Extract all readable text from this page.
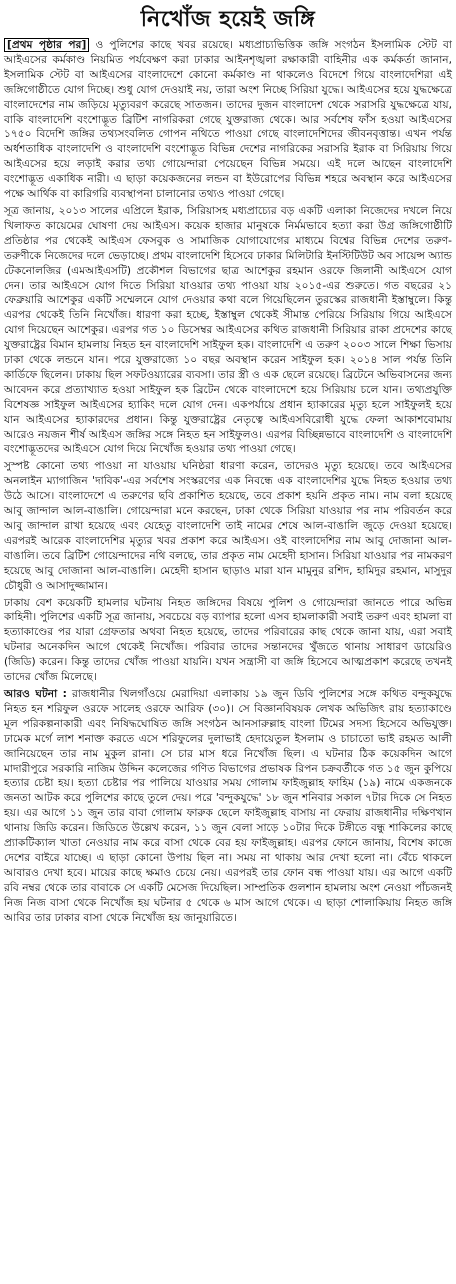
নিখোঁজ হয়েই জঙ্গি

[প্রথম পৃষ্ঠার পর] ও পুলিশের কাছে খবর রয়েছে। মধ্যপ্রাচ্যভিত্তিক জঙ্গি সংগঠন ইসলামিক স্টেট বা আইএসের কর্মকাণ্ড নিয়মিত পর্যবেক্ষণ করা ঢাকার আইনশৃঙ্খলা রক্ষাকারী বাহিনীর এক কর্মকর্তা জানান, ইসলামিক স্টেট বা আইএসের বাংলাদেশে কোনো কর্মকাণ্ড না থাকলেও বিদেশে গিয়ে বাংলাদেশিরা এই জঙ্গিগোষ্ঠীতে যোগ দিচ্ছে। শুধু যোগ দেওয়াই নয়, তারা অংশ নিচ্ছে সিরিয়া যুদ্ধে। আইএসের হয়ে যুদ্ধক্ষেত্রে বাংলাদেশের নাম জড়িয়ে মৃত্যুবরণ করেছে সাতজন। তাদের দুজন বাংলাদেশ থেকে সরাসরি যুদ্ধক্ষেত্রে যায়, বাকি বাংলাদেশি বংশোদ্ভূত ব্রিটিশ নাগরিকরা গেছে যুক্তরাজ্য থেকে। আর সর্বশেষ ফাঁস হওয়া আইএসের ১৭৫০ বিদেশি জঙ্গির তথ্যসংবলিত গোপন নথিতে পাওয়া গেছে বাংলাদেশিদের জীবনবৃত্তান্ত। এখন পর্যন্ত অর্ধশতাধিক বাংলাদেশি ও বাংলাদেশি বংশোদ্ভূত বিভিন্ন দেশের নাগরিকের সরাসরি ইরাক বা সিরিয়ায় গিয়ে আইএসের হয়ে লড়াই করার তথ্য গোয়েন্দারা পেয়েছেন বিভিন্ন সময়ে। এই দলে আছেন বাংলাদেশি বংশোদ্ভূত একাধিক নারী। এ ছাড়া কয়েকজনের লন্ডন বা ইউরোপের বিভিন্ন শহরে অবস্থান করে আইএসের পক্ষে আর্থিক বা কারিগরি ব্যবস্থাপনা চালানোর তথ্যও পাওয়া গেছে।

সূত্র জানায়, ২০১৩ সালের এপ্রিলে ইরাক, সিরিয়াসহ মধ্যপ্রাচ্যের বড় একটি এলাকা নিজেদের দখলে নিয়ে খিলাফত কায়েমের ঘোষণা দেয় আইএস। কয়েক হাজার মানুষকে নির্মমভাবে হত্যা করা উগ্র জঙ্গিগোষ্ঠীটি প্রতিষ্ঠার পর থেকেই আইএস ফেসবুক ও সামাজিক যোগাযোগের মাধ্যমে বিশ্বের বিভিন্ন দেশের তরুণ-তরুণীকে নিজেদের দলে ভেড়াচ্ছে। প্রথম বাংলাদেশি হিসেবে ঢাকার মিলিটারি ইনস্টিটিউট অব সায়েন্স অ্যান্ড টেকনোলজির (এমআইএসটি) প্রকৌশল বিভাগের ছাত্র আশেকুর রহমান ওরফে জিলানী আইএসে যোগ দেন। তার আইএসে যোগ দিতে সিরিয়া যাওয়ার তথ্য পাওয়া যায় ২০১৫-এর শুরুতে। গত বছরের ২১ ফেব্রুয়ারি আশেকুর একটি সম্মেলনে যোগ দেওয়ার কথা বলে গিয়েছিলেন তুরস্কের রাজধানী ইস্তাম্বুলে। কিন্তু এরপর থেকেই তিনি নিখোঁজ। ধারণা করা হচ্ছে, ইস্তাম্বুল থেকেই সীমান্ত পেরিয়ে সিরিয়ায় গিয়ে আইএসে যোগ দিয়েছেন আশেকুর। এরপর গত ১০ ডিসেম্বর আইএসের কথিত রাজধানী সিরিয়ার রাকা প্রদেশের কাছে যুক্তরাষ্ট্রের বিমান হামলায় নিহত হন বাংলাদেশি সাইফুল হক। বাংলাদেশি এ তরুণ ২০০৩ সালে শিক্ষা ভিসায় ঢাকা থেকে লন্ডনে যান। পরে যুক্তরাজ্যে ১০ বছর অবস্থান করেন সাইফুল হক। ২০১৪ সাল পর্যন্ত তিনি কার্ডিফে ছিলেন। ঢাকায় ছিল সফটওয়্যারের ব্যবসা। তার স্ত্রী ও এক ছেলে রয়েছে। ব্রিটেনে অভিবাসনের জন্য আবেদন করে প্রত্যাখ্যাত হওয়া সাইফুল হক ব্রিটেন থেকে বাংলাদেশে হয়ে সিরিয়ায় চলে যান। তথ্যপ্রযুক্তি বিশেষজ্ঞ সাইফুল আইএসের হ্যাকিং দলে যোগ দেন। একপর্যায়ে প্রধান হ্যাকারের মৃত্যু হলে সাইফুলই হয়ে যান আইএসের হ্যাকারদের প্রধান। কিন্তু যুক্তরাষ্ট্রের নেতৃত্বে আইএসবিরোধী যুদ্ধে ফেলা আকাশবোমায় আরেও নয়জন শীর্ষ আইএস জঙ্গির সঙ্গে নিহত হন সাইফুলও। এরপর বিচ্ছিন্নভাবে বাংলাদেশি ও বাংলাদেশি বংশোদ্ভূতদের আইএসে যোগ দিয়ে নিখোঁজ হওয়ার তথ্য পাওয়া গেছে।

সুস্পষ্ট কোনো তথ্য পাওয়া না যাওয়ায় ঘনিষ্ঠরা ধারণা করেন, তাদেরও মৃত্যু হয়েছে। তবে আইএসের অনলাইন ম্যাগাজিন 'দাবিক'-এর সর্বশেষ সংস্করণের এক নিবন্ধে এক বাংলাদেশির যুদ্ধে নিহত হওয়ার তথ্য উঠে আসে। বাংলাদেশে এ তরুণের ছবি প্রকাশিত হয়েছে, তবে প্রকাশ হয়নি প্রকৃত নাম। নাম বলা হয়েছে আবু জান্দাল আল-বাঙালি। গোয়েন্দারা মনে করছেন, ঢাকা থেকে সিরিয়া যাওয়ার পর নাম পরিবর্তন করে আবু জান্দাল রাখা হয়েছে এবং যেহেতু বাংলাদেশি তাই নামের শেষে আল-বাঙালি জুড়ে দেওয়া হয়েছে। এরপরই আরেক বাংলাদেশির মৃত্যুর খবর প্রকাশ করে আইএস। ওই বাংলাদেশির নাম আবু দোজানা আল-বাঙালি। তবে ব্রিটিশ গোয়েন্দাদের নথি বলছে, তার প্রকৃত নাম মেহেদী হাসান। সিরিয়া যাওয়ার পর নামকরণ হয়েছে আবু দোজানা আল-বাঙালি। মেহেদী হাসান ছাড়াও মারা যান মামুনুর রশিদ, হামিদুর রহমান, মাসুদুর চৌধুরী ও আসাদুজ্জামান।

ঢাকায় বেশ কয়েকটি হামলার ঘটনায় নিহত জঙ্গিদের বিষয়ে পুলিশ ও গোয়েন্দারা জানতে পারে অভিন্ন কাহিনী। পুলিশের একটি সূত্র জানায়, সবচেয়ে বড় ব্যাপার হলো এসব হামলাকারী সবাই তরুণ এবং হামলা বা হত্যাকাণ্ডের পর যারা গ্রেফতার অথবা নিহত হয়েছে, তাদের পরিবারের কাছ থেকে জানা যায়, এরা সবাই ঘটনার অনেকদিন আগে থেকেই নিখোঁজ। পরিবার তাদের সন্তানদের খুঁজতে থানায় সাধারণ ডায়েরিও (জিডি) করেন। কিন্তু তাদের খোঁজ পাওয়া যায়নি। যখন সন্ত্রাসী বা জঙ্গি হিসেবে আত্মপ্রকাশ করেছে তখনই তাদের খোঁজ মিলেছে।

আরও ঘটনা : রাজধানীর খিলগাঁওয়ে মেরাদিয়া এলাকায় ১৯ জুন ডিবি পুলিশের সঙ্গে কথিত বন্দুকযুদ্ধে নিহত হন শরিফুল ওরফে সালেহ ওরফে আরিফ (৩০)। সে বিজ্ঞানবিষয়ক লেখক অভিজিৎ রায় হত্যাকাণ্ডে মূল পরিকল্পনাকারী এবং নিষিদ্ধঘোষিত জঙ্গি সংগঠন আনসারুল্লাহ বাংলা টিমের সদস্য হিসেবে অভিযুক্ত। ঢামেক মর্গে লাশ শনাক্ত করতে এসে শরিফুলের দুলাভাই হেদায়েতুল ইসলাম ও চাচাতো ভাই রহমত আলী জানিয়েছেন তার নাম মুকুল রানা। সে চার মাস ধরে নিখোঁজ ছিল। এ ঘটনার ঠিক কয়েকদিন আগে মাদারীপুরে সরকারি নাজিম উদ্দিন কলেজের গণিত বিভাগের প্রভাষক রিপন চক্রবর্তীকে গত ১৫ জুন কুপিয়ে হত্যার চেষ্টা হয়। হত্যা চেষ্টার পর পালিয়ে যাওয়ার সময় গোলাম ফাইজুল্লাহ ফাহিম (১৯) নামে একজনকে জনতা আটক করে পুলিশের কাছে তুলে দেয়। পরে 'বন্দুকযুদ্ধে' ১৮ জুন শনিবার সকাল ৭টার দিকে সে নিহত হয়। এর আগে ১১ জুন তার বাবা গোলাম ফারুক ছেলে ফাইজুল্লাহ বাসায় না ফেরায় রাজধানীর দক্ষিণখান থানায় জিডি করেন। জিডিতে উল্লেখ করেন, ১১ জুন বেলা সাড়ে ১০টার দিকে টঙ্গীতে বন্ধু শাকিলের কাছে প্র্যাকটিক্যাল খাতা নেওয়ার নাম করে বাসা থেকে বের হয় ফাইজুল্লাহ। এরপর ফোনে জানায়, বিশেষ কাজে দেশের বাইরে যাচ্ছে। এ ছাড়া কোনো উপায় ছিল না। সময় না থাকায় আর দেখা হলো না। বেঁচে থাকলে আবারও দেখা হবে। মায়ের কাছে ক্ষমাও চেয়ে নেয়। এরপরই তার ফোন বন্ধ পাওয়া যায়। এর আগে একটি রবি নম্বর থেকে তার বাবাকে সে একটি মেসেজ দিয়েছিল। সাম্প্রতিক গুলশান হামলায় অংশ নেওয়া পাঁচজনই নিজ নিজ বাসা থেকে নিখোঁজ হয় ঘটনার ৫ থেকে ৬ মাস আগে থেকে। এ ছাড়া শোলাকিয়ায় নিহত জঙ্গি আবির তার ঢাকার বাসা থেকে নিখোঁজ হয় জানুয়ারিতে।
